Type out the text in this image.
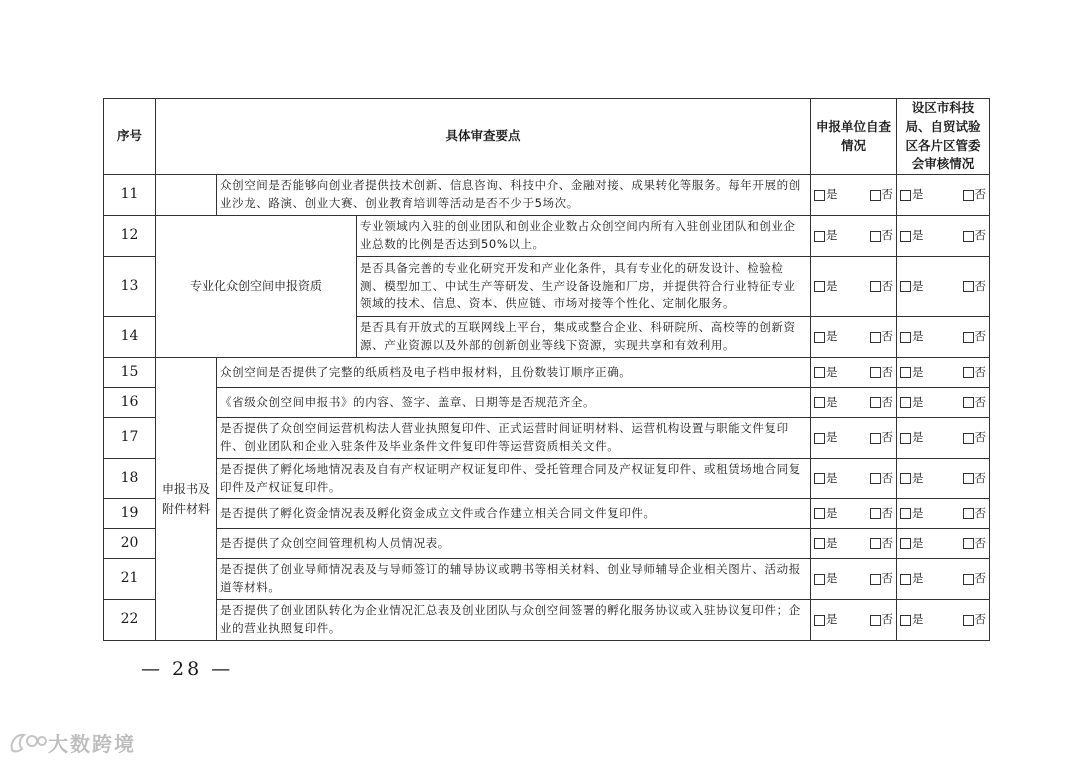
序号	具体审查要点			申报单位自查情况	设区市科技局、自贸试验区各片区管委会审核情况
11		众创空间是否能够向创业者提供技术创新、信息咨询、科技中介、金融对接、成果转化等服务。每年开展的创业沙龙、路演、创业大赛、创业教育培训等活动是否不少于5场次。		是 否	是 否

12	专业化众创空间申报资质		专业领域内入驻的创业团队和创业企业数占众创空间内所有入驻创业团队和创业企业总数的比例是否达到50%以上。	是 否	是 否

13			是否具备完善的专业化研究开发和产业化条件，具有专业化的研发设计、检验检测、模型加工、中试生产等研发、生产设备设施和厂房，并提供符合行业特征专业领域的技术、信息、资本、供应链、市场对接等个性化、定制化服务。	是 否	是 否

14			是否具有开放式的互联网线上平台，集成或整合企业、科研院所、高校等的创新资源、产业资源以及外部的创新创业等线下资源，实现共享和有效利用。	是 否	是 否

15	申报书及附件材料	众创空间是否提供了完整的纸质档及电子档申报材料，且份数装订顺序正确。		是 否	是 否

16		《省级众创空间申报书》的内容、签字、盖章、日期等是否规范齐全。		是 否	是 否

17		是否提供了众创空间运营机构法人营业执照复印件、正式运营时间证明材料、运营机构设置与职能文件复印件、创业团队和企业入驻条件及毕业条件文件复印件等运营资质相关文件。		是 否	是 否

18		是否提供了孵化场地情况表及自有产权证明产权证复印件、受托管理合同及产权证复印件、或租赁场地合同复印件及产权证复印件。		是 否	是 否

19		是否提供了孵化资金情况表及孵化资金成立文件或合作建立相关合同文件复印件。		是 否	是 否

20		是否提供了众创空间管理机构人员情况表。		是 否	是 否

21		是否提供了创业导师情况表及与导师签订的辅导协议或聘书等相关材料、创业导师辅导企业相关图片、活动报道等材料。		是 否	是 否

22		是否提供了创业团队转化为企业情况汇总表及创业团队与众创空间签署的孵化服务协议或入驻协议复印件；企业的营业执照复印件。		是 否	是 否
— 28 —
大数跨境
